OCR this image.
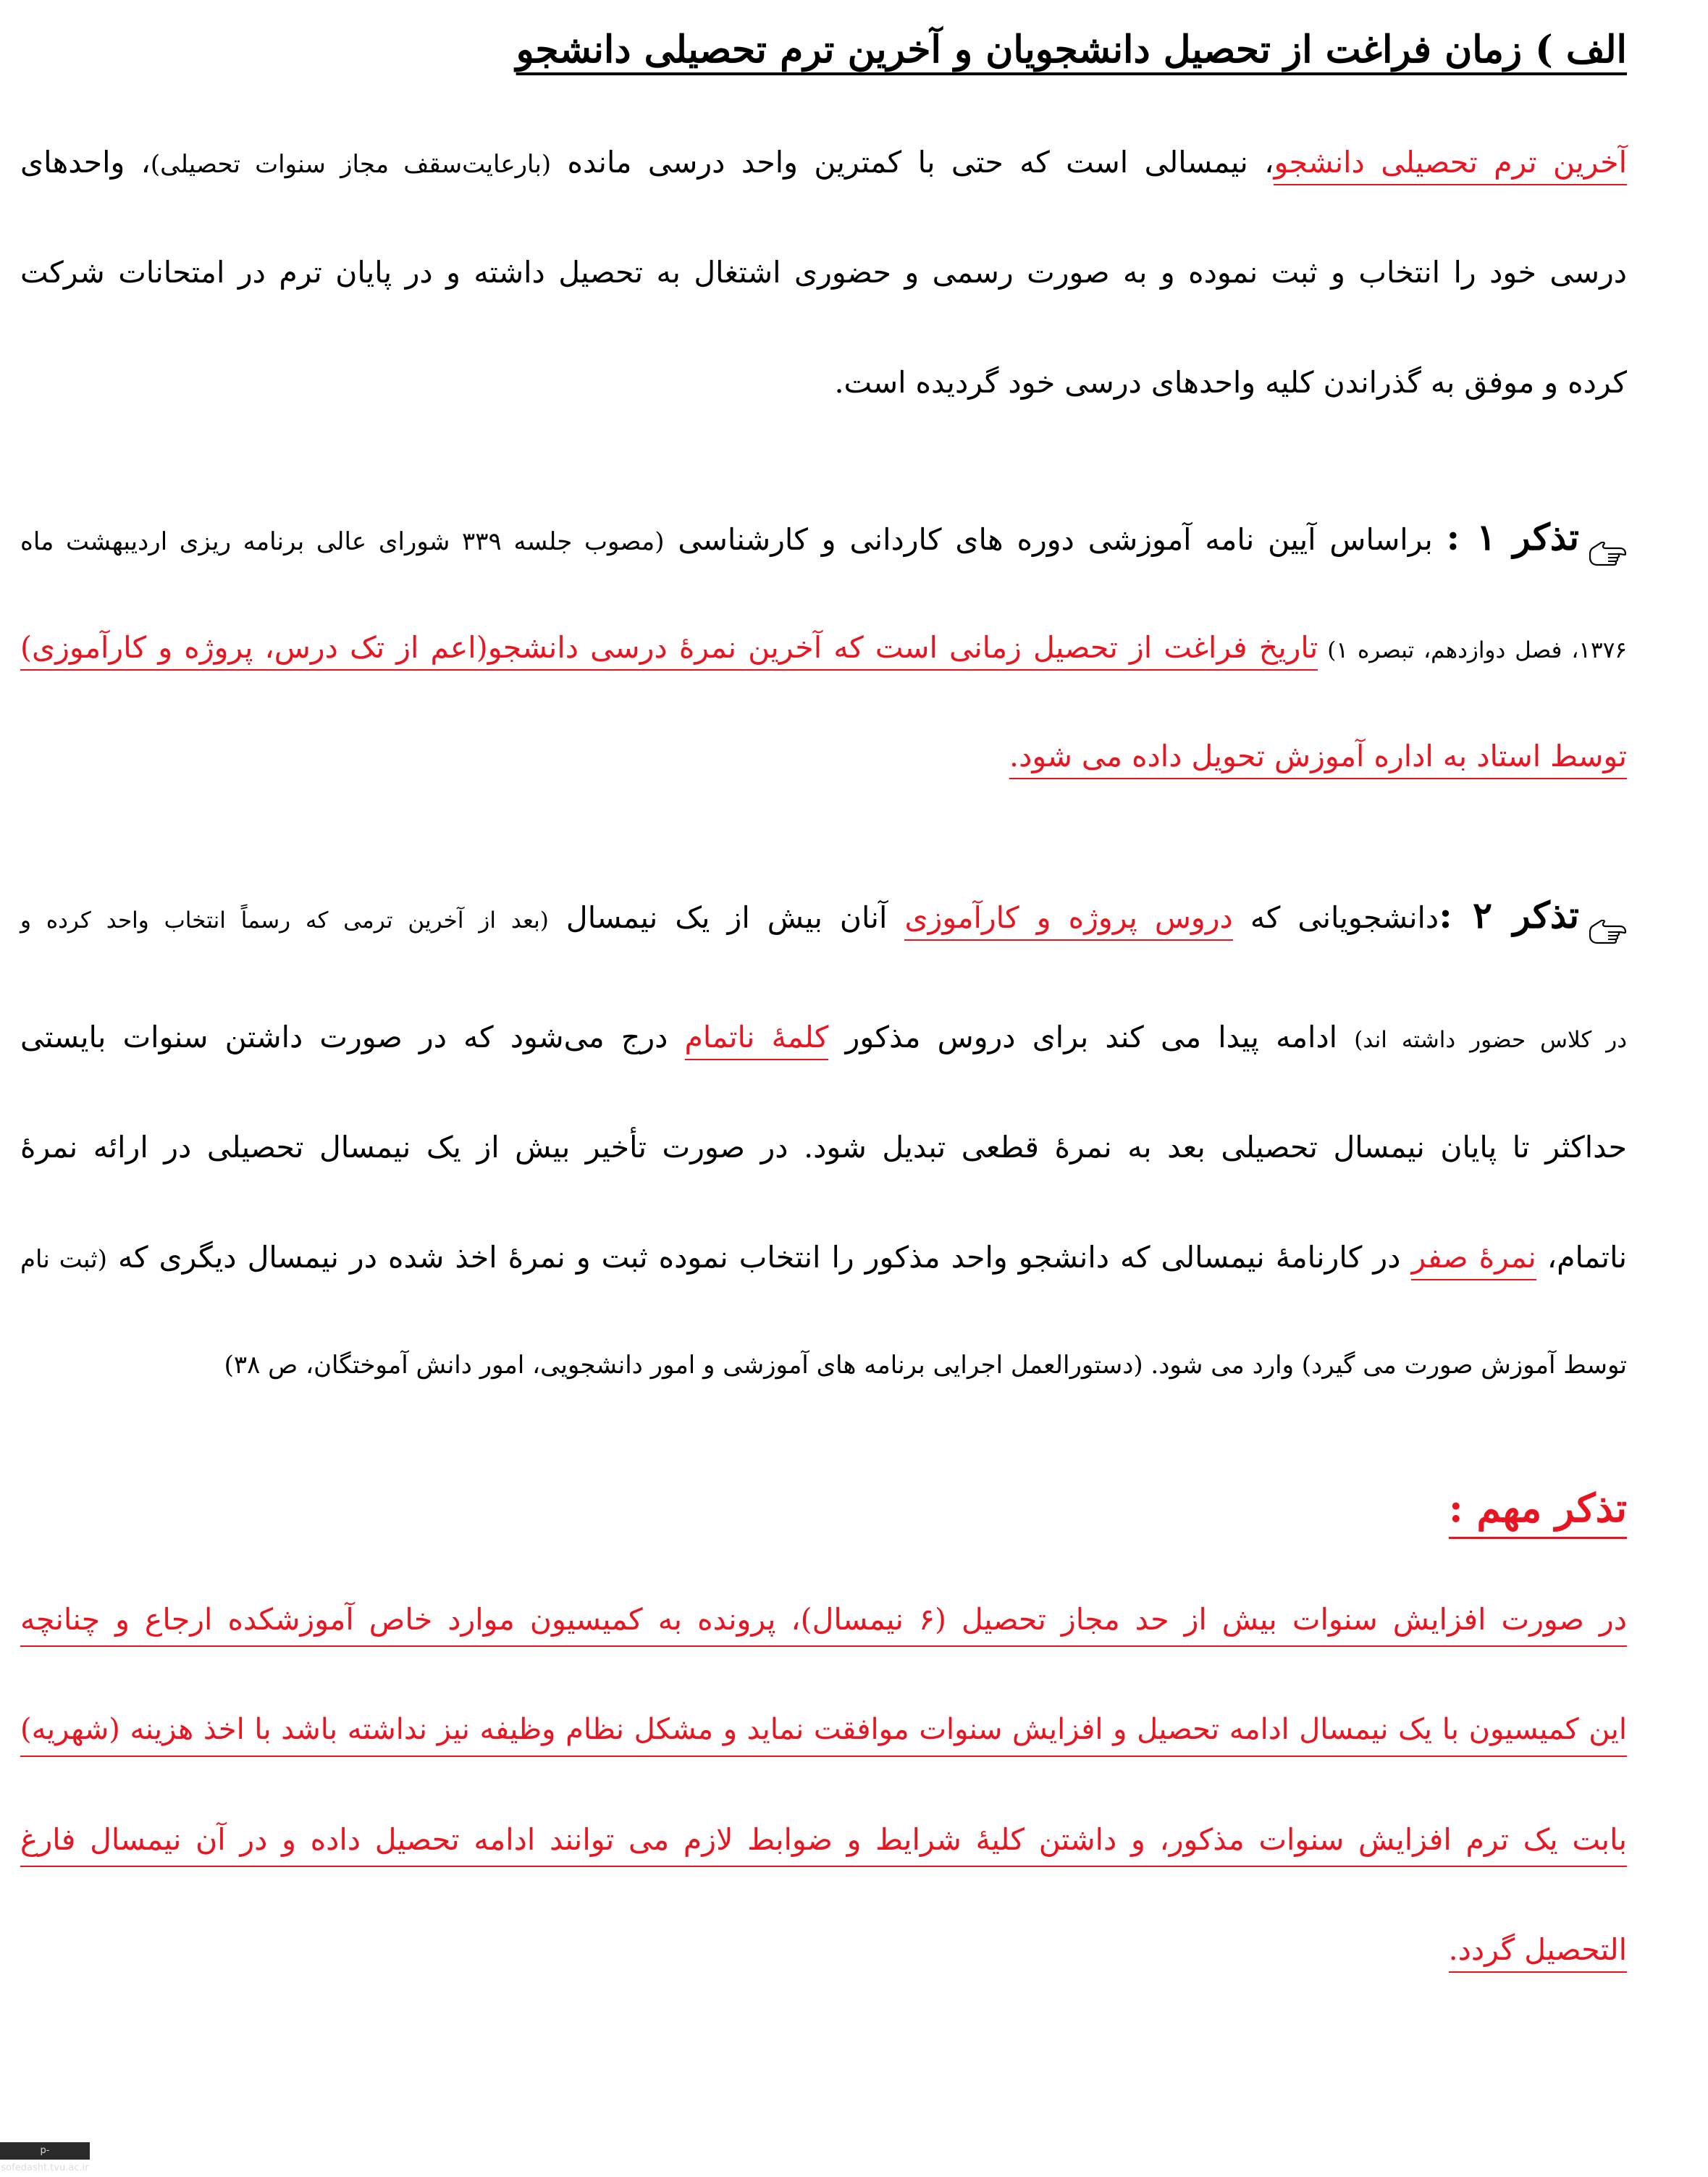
الف ) زمان فراغت از تحصیل دانشجویان و آخرین ترم تحصیلی دانشجو
آخرین ترم تحصیلی دانشجو، نیمسالی است که حتی با کمترین واحد درسی مانده (بارعایت‌سقف مجاز سنوات تحصیلی)، واحدهای
درسی خود را انتخاب و ثبت نموده و به صورت رسمی و حضوری اشتغال به تحصیل داشته و در پایان ترم در امتحانات شرکت
کرده و موفق به گذراندن کلیه واحدهای درسی خود گردیده است.
تذکر ۱ : براساس آیین نامه آموزشی دوره های کاردانی و کارشناسی (مصوب جلسه ۳۳۹ شورای عالی برنامه ریزی اردیبهشت ماه
۱۳۷۶، فصل دوازدهم، تبصره ۱) تاریخ فراغت از تحصیل زمانی است که آخرین نمرهٔ درسی دانشجو(اعم از تک درس، پروژه و کارآموزی)
توسط استاد به اداره آموزش تحویل داده می شود.
تذکر ۲ :دانشجویانی که دروس پروژه و کارآموزی آنان بیش از یک نیمسال (بعد از آخرین ترمی که رسماً انتخاب واحد کرده و
در کلاس حضور داشته اند) ادامه پیدا می کند برای دروس مذکور کلمهٔ ناتمام درج می‌شود که در صورت داشتن سنوات بایستی
حداکثر تا پایان نیمسال تحصیلی بعد به نمرهٔ قطعی تبدیل شود. در صورت تأخیر بیش از یک نیمسال تحصیلی در ارائه نمرهٔ
ناتمام، نمرهٔ صفر در کارنامهٔ نیمسالی که دانشجو واحد مذکور را انتخاب نموده ثبت و نمرهٔ اخذ شده در نیمسال دیگری که (ثبت نام
توسط آموزش صورت می گیرد) وارد می شود. (دستورالعمل اجرایی برنامه های آموزشی و امور دانشجویی، امور دانش آموختگان، ص ۳۸)
تذکر مهم :
در صورت افزایش سنوات بیش از حد مجاز تحصیل (۶ نیمسال)، پرونده به کمیسیون موارد خاص آموزشکده ارجاع و چنانچه
این کمیسیون با یک نیمسال ادامه تحصیل و افزایش سنوات موافقت نماید و مشکل نظام وظیفه نیز نداشته باشد با اخذ هزینه (شهریه)
بابت یک ترم افزایش سنوات مذکور، و داشتن کلیهٔ شرایط و ضوابط لازم می توانند ادامه تحصیل داده و در آن نیمسال فارغ
التحصیل گردد.
p-sofedasht.tvu.ac.ir
